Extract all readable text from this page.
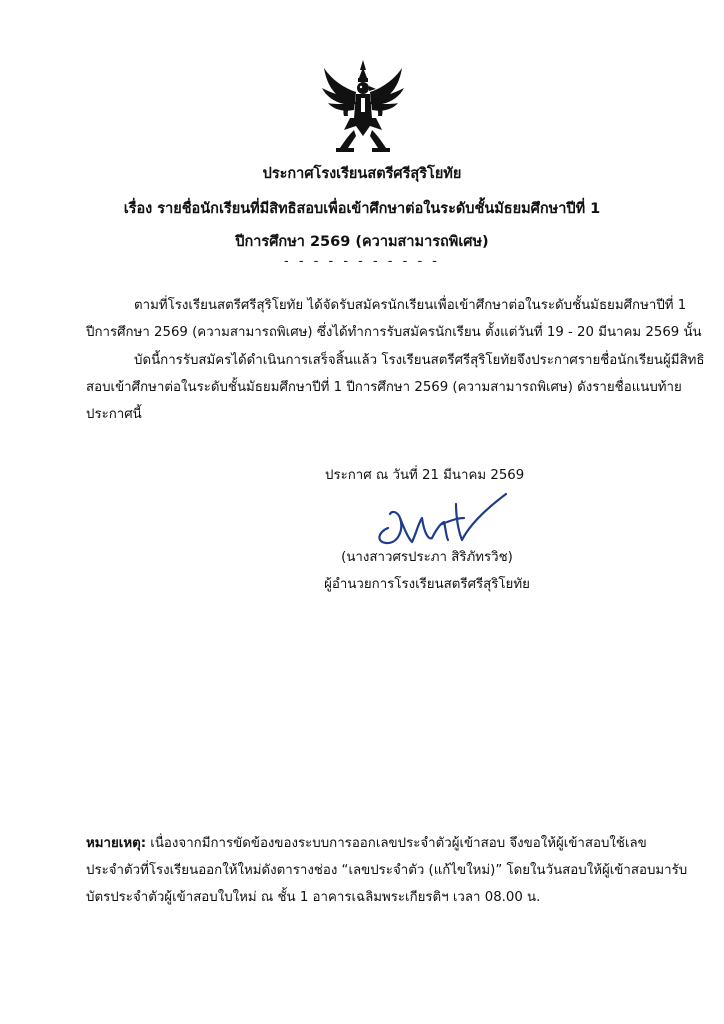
ประกาศโรงเรียนสตรีศรีสุริโยทัย
เรื่อง รายชื่อนักเรียนที่มีสิทธิสอบเพื่อเข้าศึกษาต่อในระดับชั้นมัธยมศึกษาปีที่ 1
ปีการศึกษา 2569 (ความสามารถพิเศษ)
- - - - - - - - - - -
ตามที่โรงเรียนสตรีศรีสุริโยทัย ได้จัดรับสมัครนักเรียนเพื่อเข้าศึกษาต่อในระดับชั้นมัธยมศึกษาปีที่ 1
ปีการศึกษา 2569 (ความสามารถพิเศษ) ซึ่งได้ทำการรับสมัครนักเรียน ตั้งแต่วันที่ 19 - 20 มีนาคม 2569 นั้น
บัดนี้การรับสมัครได้ดำเนินการเสร็จสิ้นแล้ว โรงเรียนสตรีศรีสุริโยทัยจึงประกาศรายชื่อนักเรียนผู้มีสิทธิ
สอบเข้าศึกษาต่อในระดับชั้นมัธยมศึกษาปีที่ 1 ปีการศึกษา 2569 (ความสามารถพิเศษ) ดังรายชื่อแนบท้าย
ประกาศนี้
ประกาศ ณ วันที่ 21 มีนาคม 2569
(นางสาวศรประภา สิริภัทรวิช)
ผู้อำนวยการโรงเรียนสตรีศรีสุริโยทัย
หมายเหตุ: เนื่องจากมีการขัดข้องของระบบการออกเลขประจำตัวผู้เข้าสอบ จึงขอให้ผู้เข้าสอบใช้เลข
ประจำตัวที่โรงเรียนออกให้ใหม่ดังตารางช่อง “เลขประจำตัว (แก้ไขใหม่)” โดยในวันสอบให้ผู้เข้าสอบมารับ
บัตรประจำตัวผู้เข้าสอบใบใหม่ ณ ชั้น 1 อาคารเฉลิมพระเกียรติฯ เวลา 08.00 น.
